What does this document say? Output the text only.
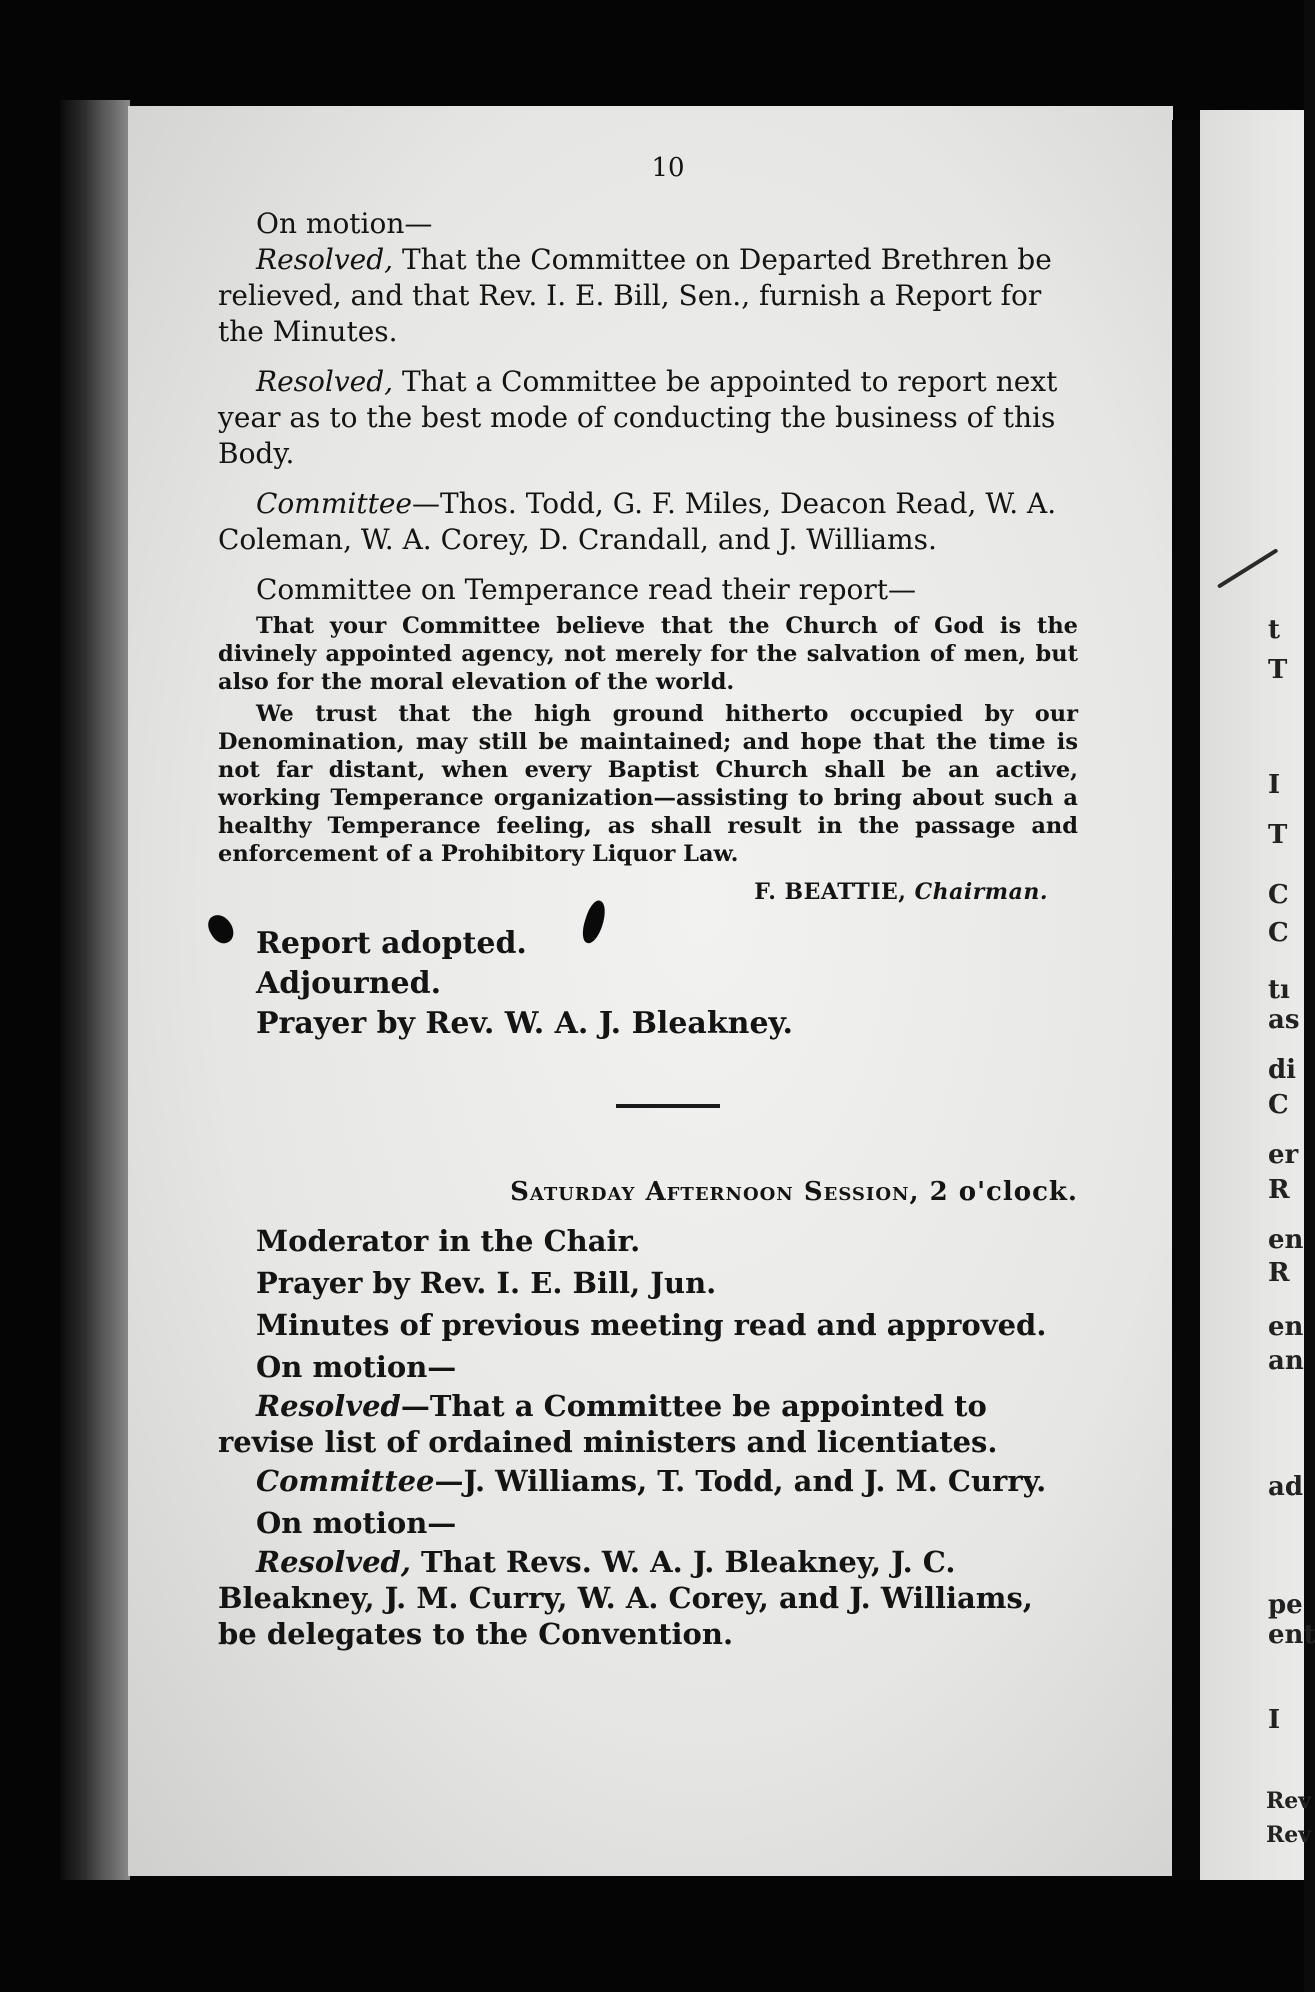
t
T
I
T
C
C
tı
as
di
C
er
R
en
R
en
an
ad
pe
ent
I
Rev
Rev
10

On motion—

Resolved, That the Committee on Departed Brethren be relieved, and that Rev. I. E. Bill, Sen., furnish a Report for the Minutes.

Resolved, That a Committee be appointed to report next year as to the best mode of conducting the business of this Body.

Committee—Thos. Todd, G. F. Miles, Deacon Read, W. A. Coleman, W. A. Corey, D. Crandall, and J. Williams.

Committee on Temperance read their report—

That your Committee believe that the Church of God is the divinely appointed agency, not merely for the salvation of men, but also for the moral elevation of the world.

We trust that the high ground hitherto occupied by our Denomination, may still be maintained; and hope that the time is not far distant, when every Baptist Church shall be an active, working Temperance organization—assisting to bring about such a healthy Temperance feeling, as shall result in the passage and enforcement of a Prohibitory Liquor Law.

F. BEATTIE, Chairman.

Report adopted.

Adjourned.

Prayer by Rev. W. A. J. Bleakney.

Saturday Afternoon Session, 2 o'clock.

Moderator in the Chair.

Prayer by Rev. I. E. Bill, Jun.

Minutes of previous meeting read and approved.

On motion—

Resolved—That a Committee be appointed to revise list of ordained ministers and licentiates.

Committee—J. Williams, T. Todd, and J. M. Curry.

On motion—

Resolved, That Revs. W. A. J. Bleakney, J. C. Bleakney, J. M. Curry, W. A. Corey, and J. Williams, be delegates to the Convention.
